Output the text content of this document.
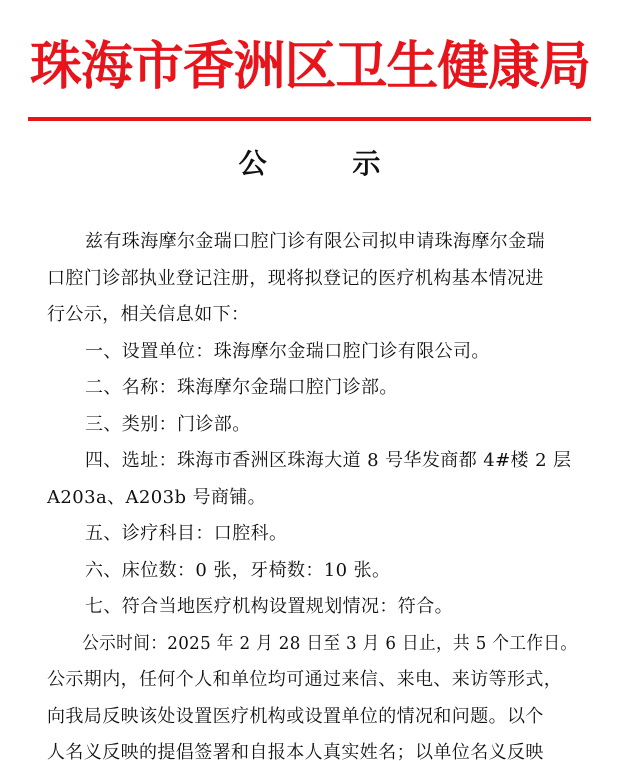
珠海市香洲区卫生健康局
公 示

兹有珠海摩尔金瑞口腔门诊有限公司拟申请珠海摩尔金瑞

口腔门诊部执业登记注册，现将拟登记的医疗机构基本情况进

行公示，相关信息如下：

一、设置单位：珠海摩尔金瑞口腔门诊有限公司。

二、名称：珠海摩尔金瑞口腔门诊部。

三、类别：门诊部。

四、选址：珠海市香洲区珠海大道 8 号华发商都 4#楼 2 层

A203a、A203b 号商铺。

五、诊疗科目：口腔科。

六、床位数：0 张，牙椅数：10 张。

七、符合当地医疗机构设置规划情况：符合。

公示时间：2025 年 2 月 28 日至 3 月 6 日止，共 5 个工作日。

公示期内，任何个人和单位均可通过来信、来电、来访等形式，

向我局反映该处设置医疗机构或设置单位的情况和问题。以个

人名义反映的提倡签署和自报本人真实姓名；以单位名义反映
